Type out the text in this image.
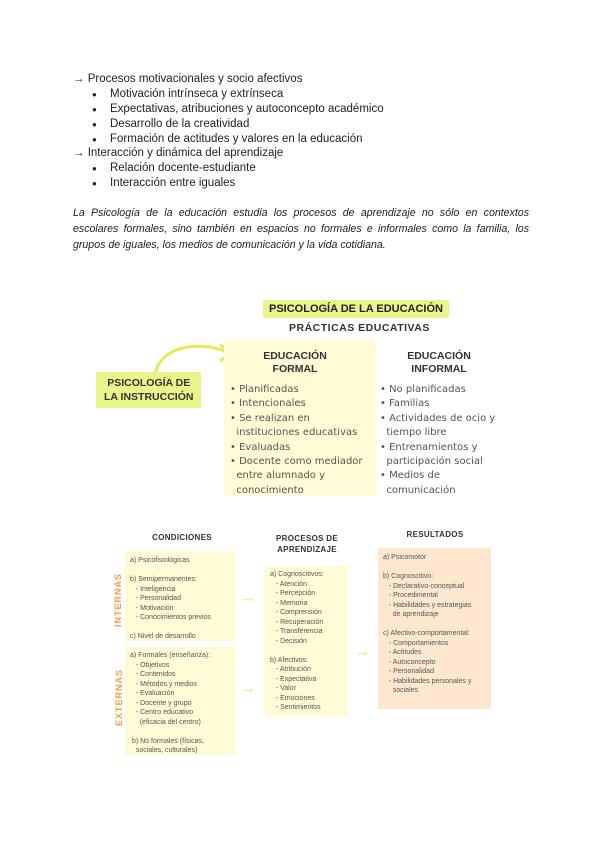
→ Procesos motivacionales y socio afectivos
● Motivación intrínseca y extrínseca
● Expectativas, atribuciones y autoconcepto académico
● Desarrollo de la creatividad
● Formación de actitudes y valores en la educación
→ Interacción y dinámica del aprendizaje
● Relación docente-estudiante
● Interacción entre iguales
La Psicología de la educación estudia los procesos de aprendizaje no sólo en contextos escolares formales, sino también en espacios no formales e informales como la familia, los grupos de iguales, los medios de comunicación y la vida cotidiana.
PSICOLOGÍA DE LA EDUCACIÓN
PRÁCTICAS EDUCATIVAS
PSICOLOGÍA DE
LA INSTRUCCIÓN
EDUCACIÓN
FORMAL
• Planificadas
• Intencionales
• Se realizan en
instituciones educativas
• Evaluadas
• Docente como mediador
entre alumnado y
conocimiento
EDUCACIÓN
INFORMAL
• No planificadas
• Familias
• Actividades de ocio y
tiempo libre
• Entrenamientos y
participación social
• Medios de
comunicación
CONDICIONES	PROCESOS DE
APRENDIZAJE
RESULTADOS
INTERNAS
EXTERNAS
a) Psicofisiológicas

b) Semipermanentes:
- Inteligencia
- Personalidad
- Motivación
- Conocimientos previos

c) Nivel de desarrollo
a) Formales (enseñanza):
- Objetivos
- Contenidos
- Métodos y medios
- Evaluación
- Docente y grupo
- Centro educativo
(eficacia del centro)

b) No formales (físicas,
sociales, culturales)
a) Cognoscitivos:
- Atención
- Percepción
- Memoria
- Comprensión
- Recuperación
- Transferencia
- Decisión

b) Afectivos:
- Atribución
- Expectativa
- Valor
- Emociones
- Sentimientos
a) Psicomotor

b) Cognoscitivo:
- Declarativo-conceptual
- Procedimental
- Habilidades y estrategias
de aprendizaje

c) Afectivo-comportamental:
- Comportamientos
- Actitudes
- Autoconcepto
- Personalidad
- Habilidades personales y
sociales
→
→
→
